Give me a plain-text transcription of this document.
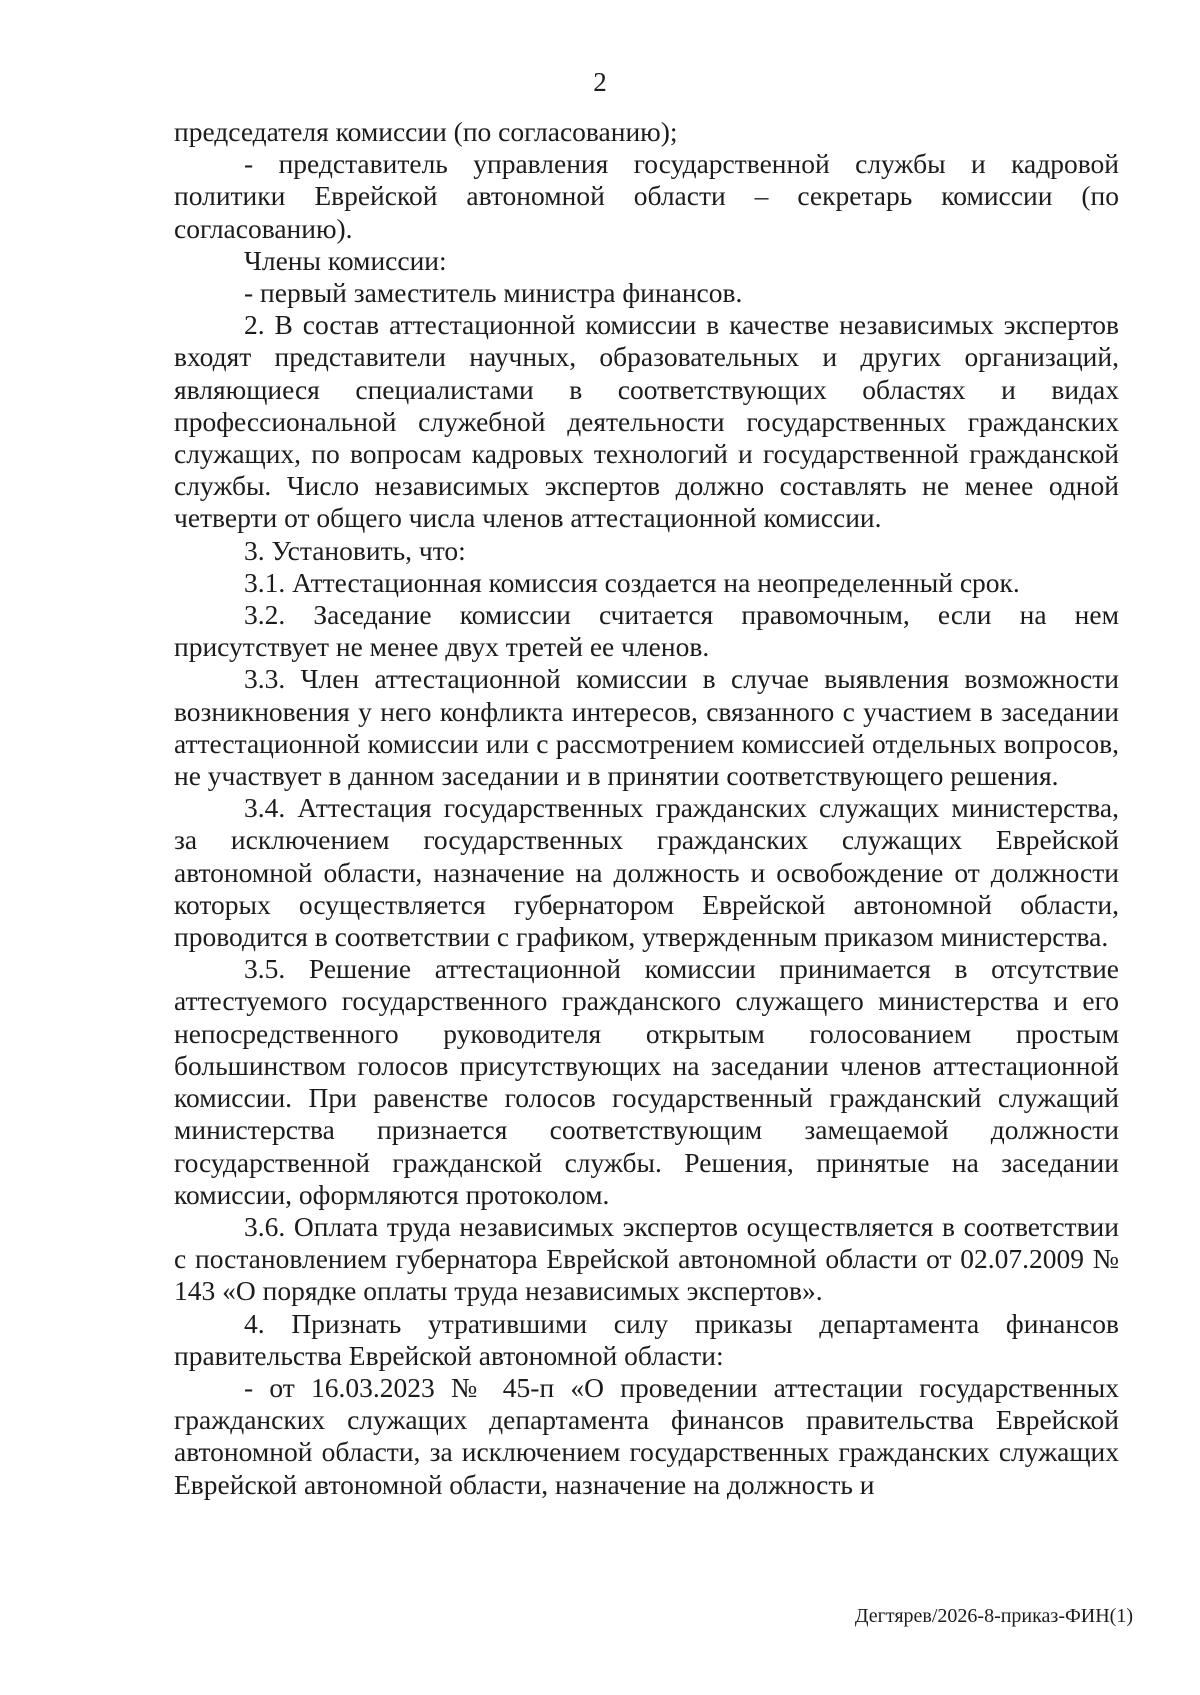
2

председателя комиссии (по согласованию);

- представитель управления государственной службы и кадровой политики Еврейской автономной области – секретарь комиссии (по согласованию).

Члены комиссии:

- первый заместитель министра финансов.

2. В состав аттестационной комиссии в качестве независимых экспертов входят представители научных, образовательных и других организаций, являющиеся специалистами в соответствующих областях и видах профессиональной служебной деятельности государственных гражданских служащих, по вопросам кадровых технологий и государственной гражданской службы. Число независимых экспертов должно составлять не менее одной четверти от общего числа членов аттестационной комиссии.

3. Установить, что:

3.1. Аттестационная комиссия создается на неопределенный срок.

3.2. Заседание комиссии считается правомочным, если на нем присутствует не менее двух третей ее членов.

3.3. Член аттестационной комиссии в случае выявления возможности возникновения у него конфликта интересов, связанного с участием в заседании аттестационной комиссии или с рассмотрением комиссией отдельных вопросов, не участвует в данном заседании и в принятии соответствующего решения.

3.4. Аттестация государственных гражданских служащих министерства, за исключением государственных гражданских служащих Еврейской автономной области, назначение на должность и освобождение от должности которых осуществляется губернатором Еврейской автономной области, проводится в соответствии с графиком, утвержденным приказом министерства.

3.5. Решение аттестационной комиссии принимается в отсутствие аттестуемого государственного гражданского служащего министерства и его непосредственного руководителя открытым голосованием простым большинством голосов присутствующих на заседании членов аттестационной комиссии. При равенстве голосов государственный гражданский служащий министерства признается соответствующим замещаемой должности государственной гражданской службы. Решения, принятые на заседании комиссии, оформляются протоколом.

3.6. Оплата труда независимых экспертов осуществляется в соответствии с постановлением губернатора Еврейской автономной области от 02.07.2009 № 143 «О порядке оплаты труда независимых экспертов».

4. Признать утратившими силу приказы департамента финансов правительства Еврейской автономной области:

- от 16.03.2023 № 45-п «О проведении аттестации государственных гражданских служащих департамента финансов правительства Еврейской автономной области, за исключением государственных гражданских служащих Еврейской автономной области, назначение на должность и

Дегтярев/2026-8-приказ-ФИН(1)
